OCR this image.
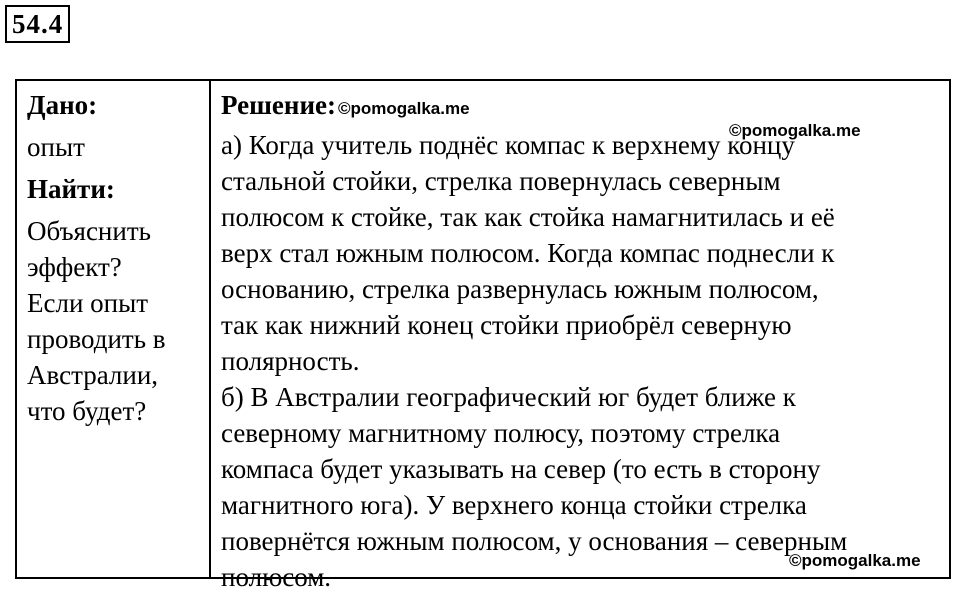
54.4
Дано:
опыт
Найти:
Объяснить
эффект?
Если опыт
проводить в
Австралии,
что будет?
Решение: ©pomogalka.me
©pomogalka.me

а) Когда учитель поднёс компас к верхнему концу
стальной стойки, стрелка повернулась северным
полюсом к стойке, так как стойка намагнитилась и её
верх стал южным полюсом. Когда компас поднесли к
основанию, стрелка развернулась южным полюсом,
так как нижний конец стойки приобрёл северную
полярность.

б) В Австралии географический юг будет ближе к
северному магнитному полюсу, поэтому стрелка
компаса будет указывать на север (то есть в сторону
магнитного юга). У верхнего конца стойки стрелка
повернётся южным полюсом, у основания – северным
полюсом.

©pomogalka.me
